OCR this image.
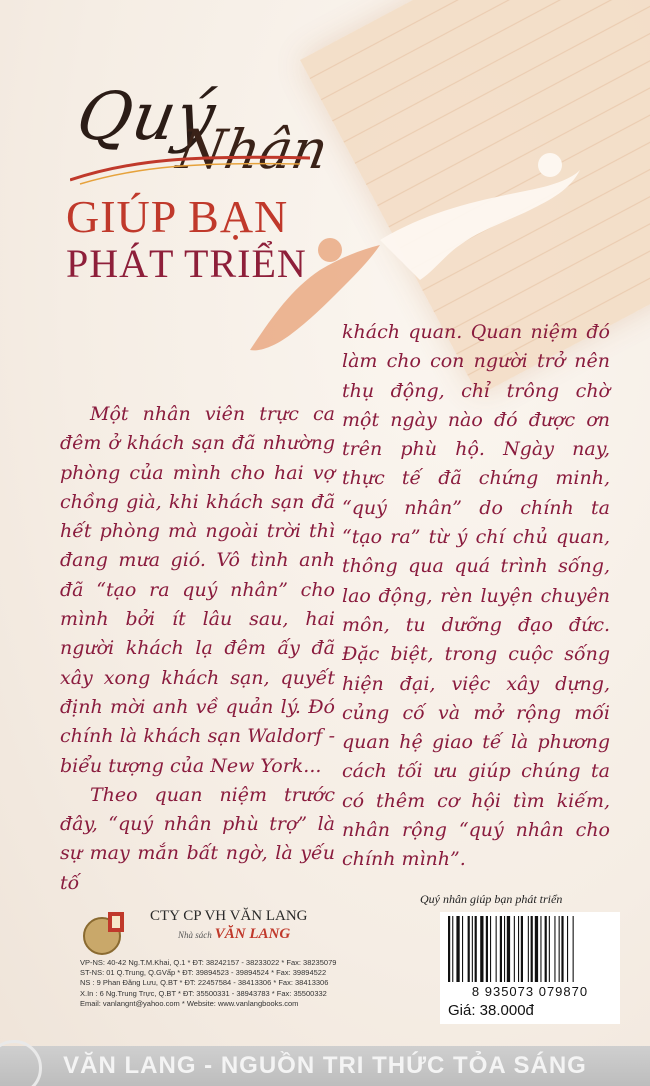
Quý
Nhân
GIÚP BẠN
PHÁT TRIỂN

Một nhân viên trực ca đêm ở khách sạn đã nhường phòng của mình cho hai vợ chồng già, khi khách sạn đã hết phòng mà ngoài trời thì đang mưa gió. Vô tình anh đã “tạo ra quý nhân” cho mình bởi ít lâu sau, hai người khách lạ đêm ấy đã xây xong khách sạn, quyết định mời anh về quản lý. Đó chính là khách sạn Waldorf - biểu tượng của New York...

Theo quan niệm trước đây, “quý nhân phù trợ” là sự may mắn bất ngờ, là yếu tố

khách quan. Quan niệm đó làm cho con người trở nên thụ động, chỉ trông chờ một ngày nào đó được ơn trên phù hộ. Ngày nay, thực tế đã chứng minh, “quý nhân” do chính ta “tạo ra” từ ý chí chủ quan, thông qua quá trình sống, lao động, rèn luyện chuyên môn, tu dưỡng đạo đức. Đặc biệt, trong cuộc sống hiện đại, việc xây dựng, củng cố và mở rộng mối quan hệ giao tế là phương cách tối ưu giúp chúng ta có thêm cơ hội tìm kiếm, nhân rộng “quý nhân cho chính mình”.

CTY CP VH VĂN LANG
Nhà sách VĂN LANG
VP-NS: 40-42 Ng.T.M.Khai, Q.1 * ĐT: 38242157 - 38233022 * Fax: 38235079
ST-NS: 01 Q.Trung, Q.GVấp * ĐT: 39894523 - 39894524 * Fax: 39894522
NS : 9 Phan Đăng Lưu, Q.BT * ĐT: 22457584 - 38413306 * Fax: 38413306
X.In : 6 Ng.Trung Trực, Q.BT * ĐT: 35500331 - 38943783 * Fax: 35500332
Email: vanlangnt@yahoo.com * Website: www.vanlangbooks.com
Quý nhân giúp bạn phát triển
8 935073 079870
Giá: 38.000đ
VĂN LANG - NGUỒN TRI THỨC TỎA SÁNG
